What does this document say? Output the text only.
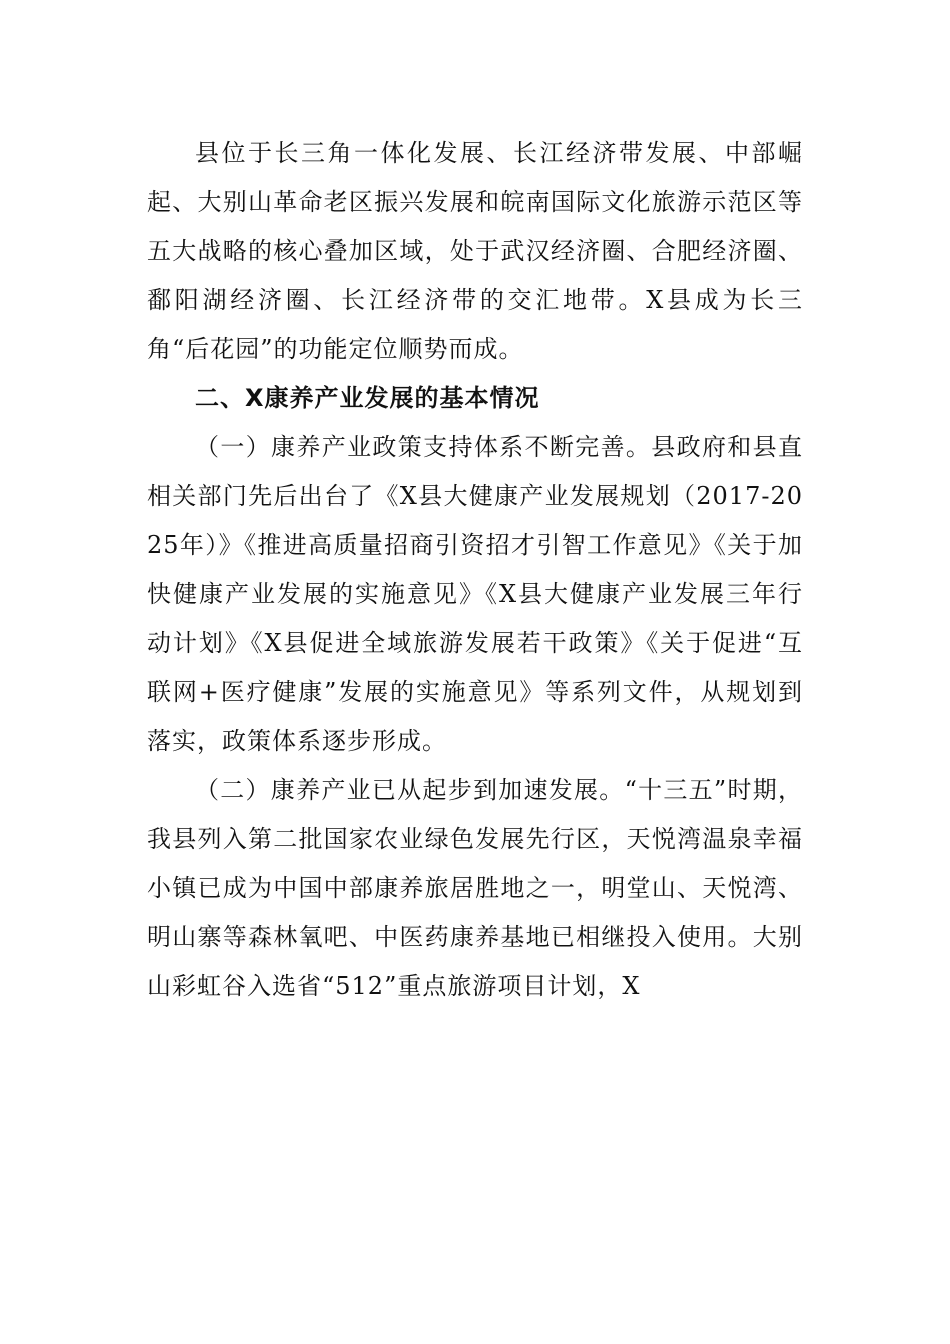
县位于长三角一体化发展、长江经济带发展、中部崛起、大别山革命老区振兴发展和皖南国际文化旅游示范区等五大战略的核心叠加区域，处于武汉经济圈、合肥经济圈、鄱阳湖经济圈、长江经济带的交汇地带。X县成为长三角“后花园”的功能定位顺势而成。

二、X康养产业发展的基本情况

（一）康养产业政策支持体系不断完善。县政府和县直相关部门先后出台了《X县大健康产业发展规划（2017-2025年）》《推进高质量招商引资招才引智工作意见》《关于加快健康产业发展的实施意见》《X县大健康产业发展三年行动计划》《X县促进全域旅游发展若干政策》《关于促进“互联网+医疗健康”发展的实施意见》等系列文件，从规划到落实，政策体系逐步形成。

（二）康养产业已从起步到加速发展。“十三五”时期，我县列入第二批国家农业绿色发展先行区，天悦湾温泉幸福小镇已成为中国中部康养旅居胜地之一，明堂山、天悦湾、明山寨等森林氧吧、中医药康养基地已相继投入使用。大别山彩虹谷入选省“512”重点旅游项目计划，X
